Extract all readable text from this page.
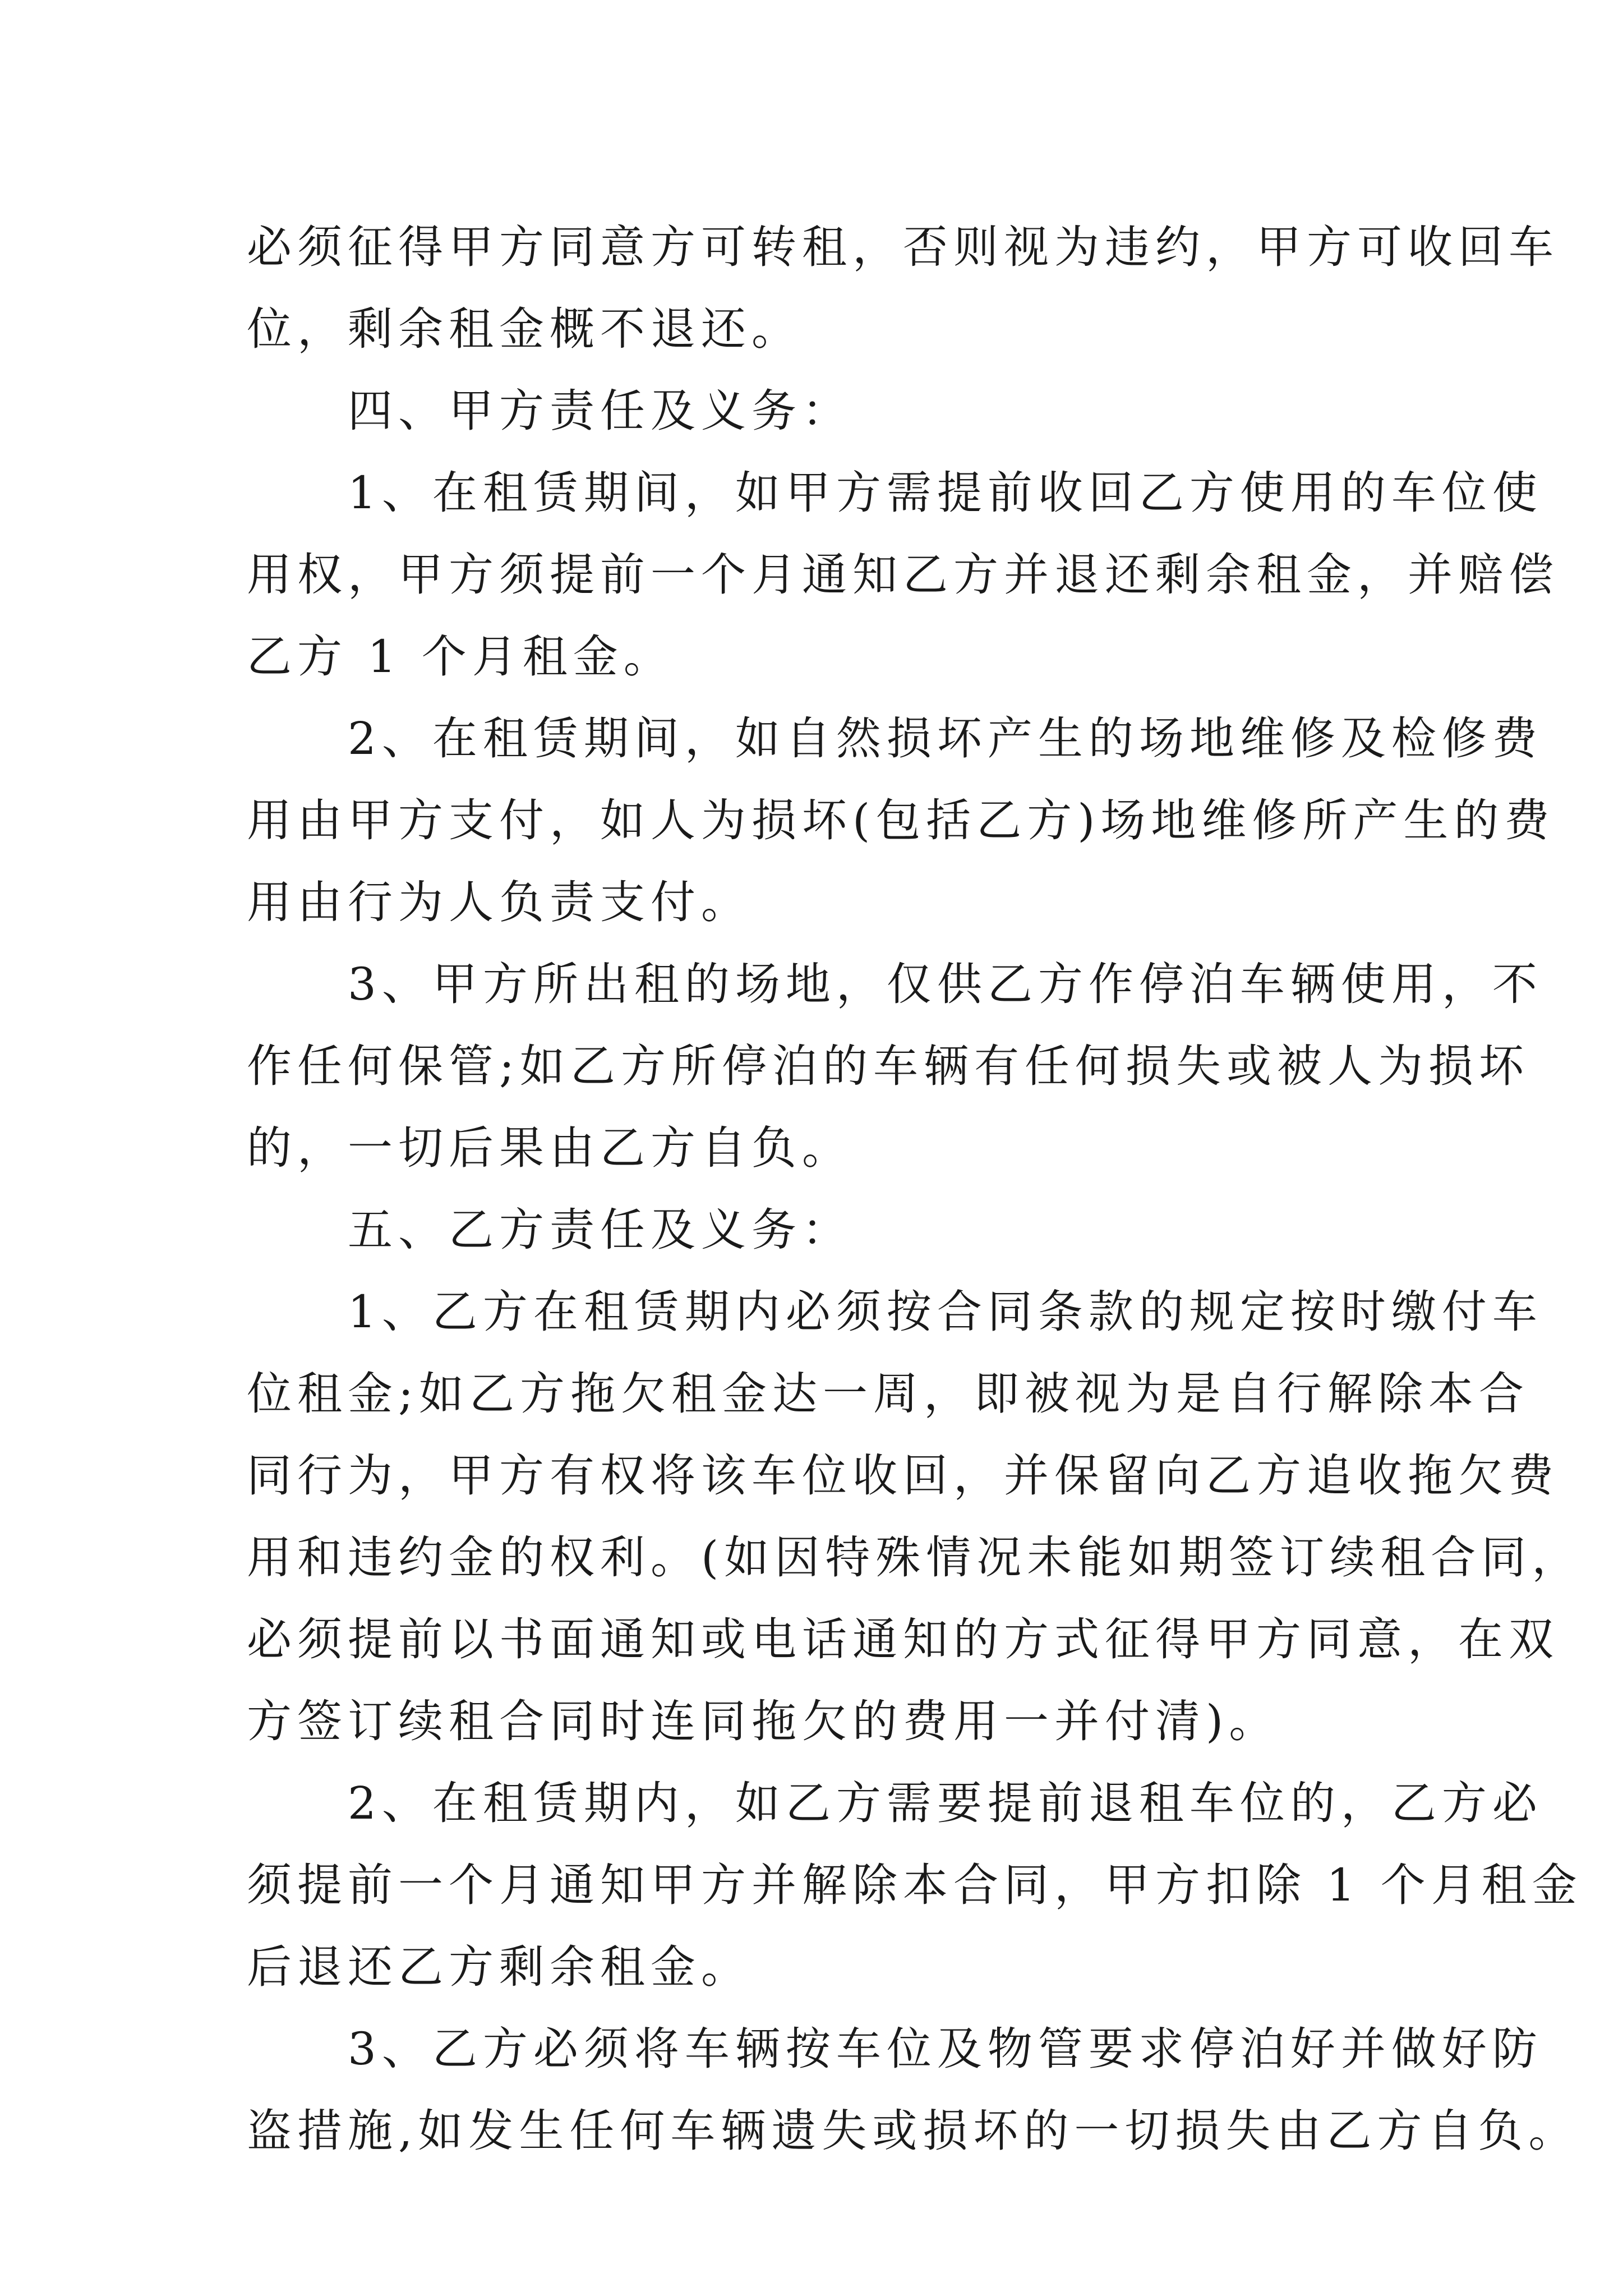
必须征得甲方同意方可转租，否则视为违约，甲方可收回车
位，剩余租金概不退还。
四、甲方责任及义务：
1、在租赁期间，如甲方需提前收回乙方使用的车位使
用权，甲方须提前一个月通知乙方并退还剩余租金，并赔偿
乙方 1 个月租金。
2、在租赁期间，如自然损坏产生的场地维修及检修费
用由甲方支付，如人为损坏(包括乙方)场地维修所产生的费
用由行为人负责支付。
3、甲方所出租的场地，仅供乙方作停泊车辆使用，不
作任何保管;如乙方所停泊的车辆有任何损失或被人为损坏
的，一切后果由乙方自负。
五、乙方责任及义务：
1、乙方在租赁期内必须按合同条款的规定按时缴付车
位租金;如乙方拖欠租金达一周，即被视为是自行解除本合
同行为，甲方有权将该车位收回，并保留向乙方追收拖欠费
用和违约金的权利。(如因特殊情况未能如期签订续租合同，
必须提前以书面通知或电话通知的方式征得甲方同意，在双
方签订续租合同时连同拖欠的费用一并付清)。
2、在租赁期内，如乙方需要提前退租车位的，乙方必
须提前一个月通知甲方并解除本合同，甲方扣除 1 个月租金
后退还乙方剩余租金。
3、乙方必须将车辆按车位及物管要求停泊好并做好防
盗措施,如发生任何车辆遗失或损坏的一切损失由乙方自负。
